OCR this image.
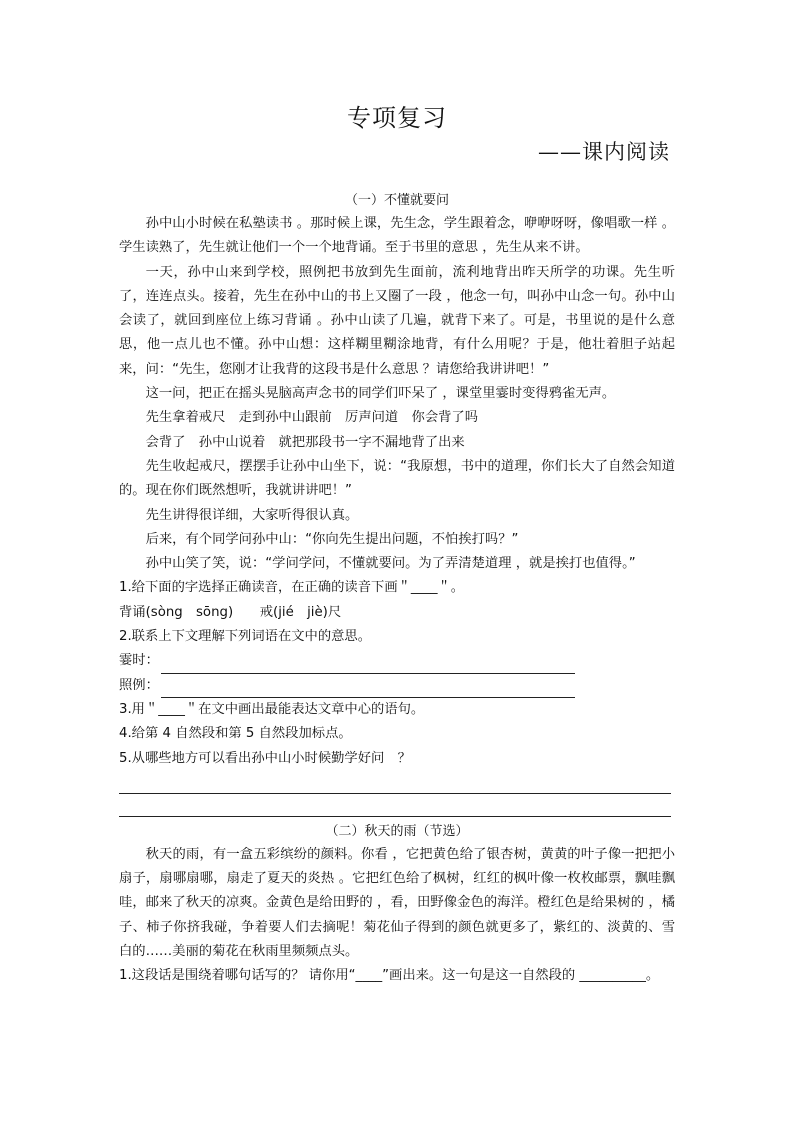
专项复习
——课内阅读
（一）不懂就要问

孙中山小时候在私塾读书 。那时候上课，先生念，学生跟着念，咿咿呀呀，像唱歌一样 。学生读熟了，先生就让他们一个一个地背诵。至于书里的意思 ，先生从来不讲。

一天，孙中山来到学校，照例把书放到先生面前，流利地背出昨天所学的功课。先生听了，连连点头。接着，先生在孙中山的书上又圈了一段 ，他念一句，叫孙中山念一句。孙中山会读了，就回到座位上练习背诵 。孙中山读了几遍，就背下来了。可是，书里说的是什么意思，他一点儿也不懂。孙中山想：这样糊里糊涂地背，有什么用呢？于是，他壮着胆子站起来，问：“先生，您刚才让我背的这段书是什么意思 ？请您给我讲讲吧！”

这一问，把正在摇头晃脑高声念书的同学们吓呆了 ，课堂里霎时变得鸦雀无声。

先生拿着戒尺　走到孙中山跟前　厉声问道　你会背了吗

会背了　孙中山说着　就把那段书一字不漏地背了出来

先生收起戒尺，摆摆手让孙中山坐下，说：“我原想，书中的道理，你们长大了自然会知道的。现在你们既然想听，我就讲讲吧！”

先生讲得很详细，大家听得很认真。

后来，有个同学问孙中山：“你向先生提出问题，不怕挨打吗？”

孙中山笑了笑，说：“学问学问，不懂就要问。为了弄清楚道理 ，就是挨打也值得。”

1.给下面的字选择正确读音，在正确的读音下画＂____＂。

背诵(sòng　sōng)　　戒(jié　jiè)尺

2.联系上下文理解下列词语在文中的意思。

霎时：
照例：

3.用＂____＂在文中画出最能表达文章中心的语句。

4.给第 4 自然段和第 5 自然段加标点。

5.从哪些地方可以看出孙中山小时候勤学好问　？

（二）秋天的雨（节选）

秋天的雨，有一盒五彩缤纷的颜料。你看 ，它把黄色给了银杏树，黄黄的叶子像一把把小扇子，扇哪扇哪，扇走了夏天的炎热 。它把红色给了枫树，红红的枫叶像一枚枚邮票，飘哇飘哇，邮来了秋天的凉爽。金黄色是给田野的 ，看，田野像金色的海洋。橙红色是给果树的 ，橘子、柿子你挤我碰，争着要人们去摘呢！菊花仙子得到的颜色就更多了，紫红的、淡黄的、雪白的……美丽的菊花在秋雨里频频点头。

1.这段话是围绕着哪句话写的？ 请你用“____”画出来。这一句是这一自然段的 __________。
